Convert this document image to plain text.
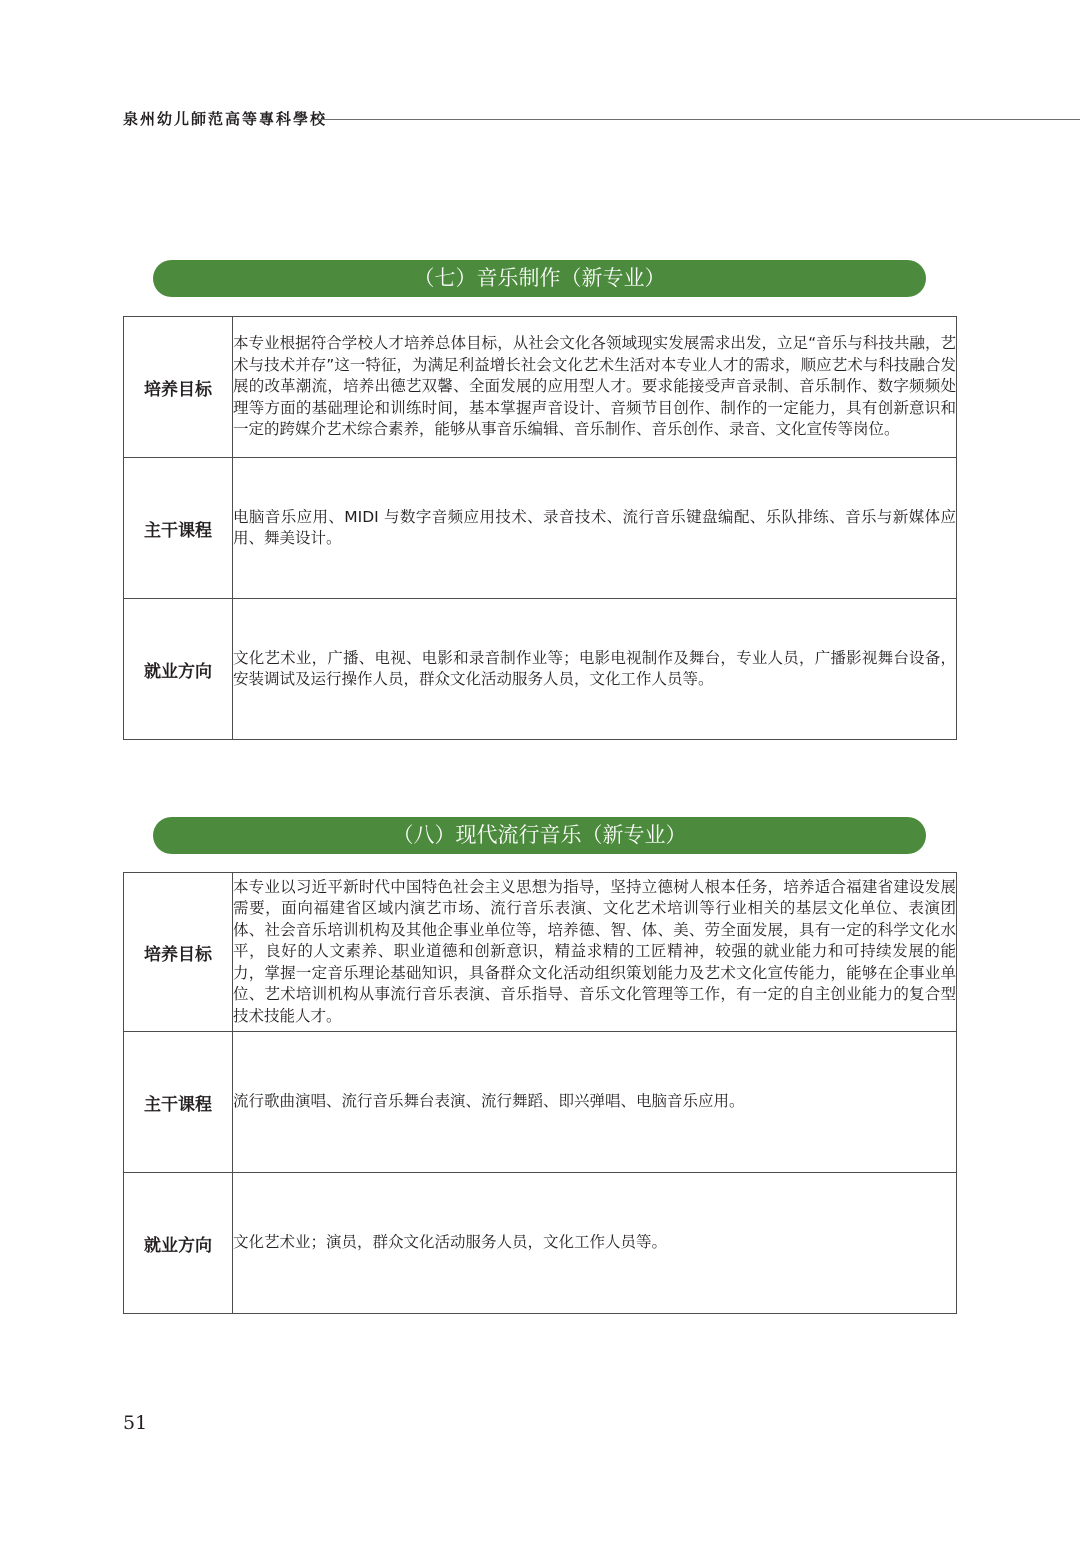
泉州幼儿師范高等專科學校
（七）音乐制作（新专业）
培养目标	本专业根据符合学校人才培养总体目标，从社会文化各领域现实发展需求出发，立足“音乐与科技共融，艺术与技术并存”这一特征，为满足利益增长社会文化艺术生活对本专业人才的需求，顺应艺术与科技融合发展的改革潮流，培养出德艺双馨、全面发展的应用型人才。要求能接受声音录制、音乐制作、数字频频处理等方面的基础理论和训练时间，基本掌握声音设计、音频节目创作、制作的一定能力，具有创新意识和一定的跨媒介艺术综合素养，能够从事音乐编辑、音乐制作、音乐创作、录音、文化宣传等岗位。
主干课程	电脑音乐应用、MIDI 与数字音频应用技术、录音技术、流行音乐键盘编配、乐队排练、音乐与新媒体应用、舞美设计。
就业方向	文化艺术业，广播、电视、电影和录音制作业等；电影电视制作及舞台，专业人员，广播影视舞台设备，安装调试及运行操作人员，群众文化活动服务人员，文化工作人员等。
（八）现代流行音乐（新专业）
培养目标	本专业以习近平新时代中国特色社会主义思想为指导，坚持立德树人根本任务，培养适合福建省建设发展需要，面向福建省区域内演艺市场、流行音乐表演、文化艺术培训等行业相关的基层文化单位、表演团体、社会音乐培训机构及其他企事业单位等，培养德、智、体、美、劳全面发展，具有一定的科学文化水平，良好的人文素养、职业道德和创新意识，精益求精的工匠精神，较强的就业能力和可持续发展的能力，掌握一定音乐理论基础知识，具备群众文化活动组织策划能力及艺术文化宣传能力，能够在企事业单位、艺术培训机构从事流行音乐表演、音乐指导、音乐文化管理等工作，有一定的自主创业能力的复合型技术技能人才。
主干课程	流行歌曲演唱、流行音乐舞台表演、流行舞蹈、即兴弹唱、电脑音乐应用。
就业方向	文化艺术业；演员，群众文化活动服务人员，文化工作人员等。
51
